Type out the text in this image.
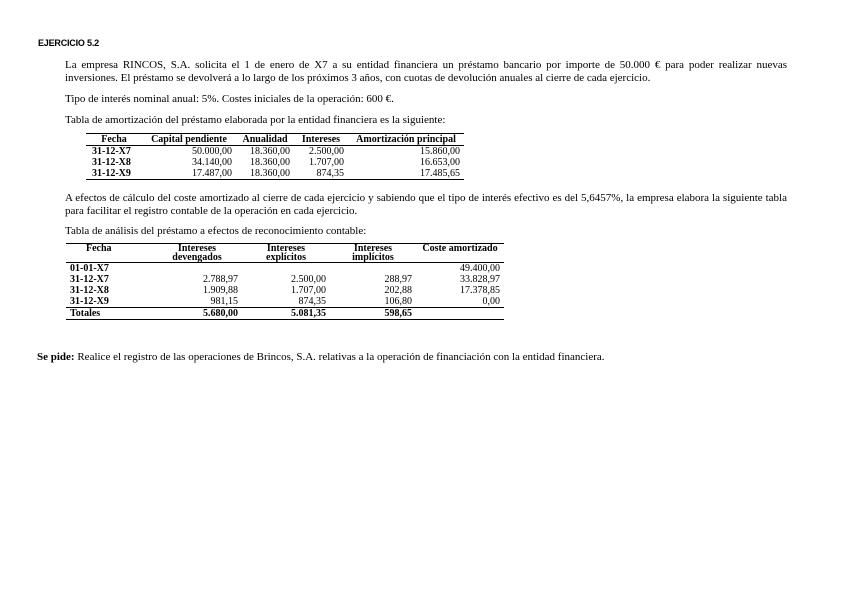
EJERCICIO 5.2
La empresa RINCOS, S.A. solicita el 1 de enero de X7 a su entidad financiera un préstamo bancario por importe de 50.000 € para poder realizar nuevas inversiones. El préstamo se devolverá a lo largo de los próximos 3 años, con cuotas de devolución anuales al cierre de cada ejercicio.
Tipo de interés nominal anual: 5%. Costes iniciales de la operación: 600 €.
Tabla de amortización del préstamo elaborada por la entidad financiera es la siguiente:
Fecha	Capital pendiente	Anualidad	Intereses	Amortización principal
31-12-X7	50.000,00	18.360,00	2.500,00	15.860,00
31-12-X8	34.140,00	18.360,00	1.707,00	16.653,00
31-12-X9	17.487,00	18.360,00	874,35	17.485,65
A efectos de cálculo del coste amortizado al cierre de cada ejercicio y sabiendo que el tipo de interés efectivo es del 5,6457%, la empresa elabora la siguiente tabla para facilitar el registro contable de la operación en cada ejercicio.
Tabla de análisis del préstamo a efectos de reconocimiento contable:
Fecha	Intereses devengados	Intereses explícitos	Intereses implícitos	Coste amortizado
01-01-X7				49.400,00
31-12-X7	2.788,97	2.500,00	288,97	33.828,97
31-12-X8	1.909,88	1.707,00	202,88	17.378,85
31-12-X9	981,15	874,35	106,80	0,00
Totales	5.680,00	5.081,35	598,65	
Se pide: Realice el registro de las operaciones de Brincos, S.A. relativas a la operación de financiación con la entidad financiera.
